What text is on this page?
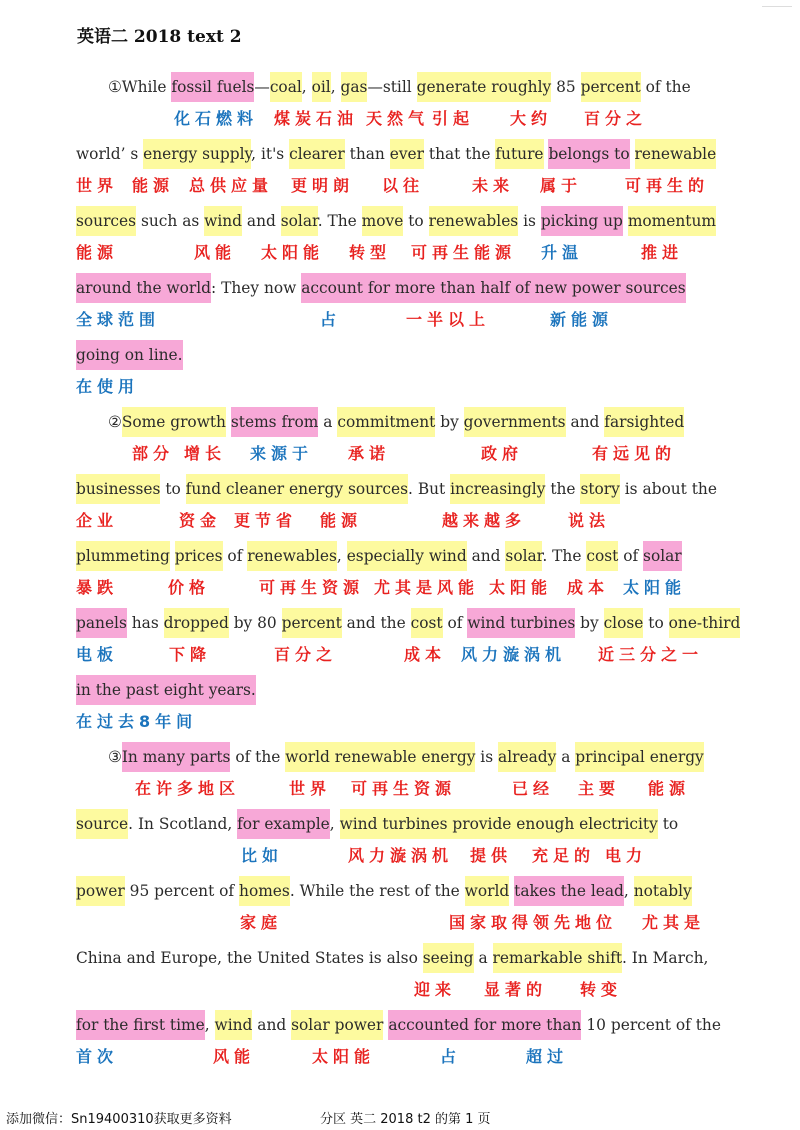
英语二 2018 text 2
①While fossil fuels—coal, oil, gas—still generate roughly 85 percent of the
化石燃料 煤炭 石油 天然气 引起 大约 百分之
world’ s energy supply, it's clearer than ever that the future belongs to renewable
世界 能源 总供应量 更明朗 以往	未来 属于	可再生的
sources such as wind and solar. The move to renewables is picking up momentum
能源	风能 太阳能 转型 可再生能源 升温	推进
around the world: They now account for more than half of new power sources
全球范围	占	一半以上	新能源
going on line.
在使用
②Some growth stems from a commitment by governments and farsighted
部分 增长 来源于 承诺	政府	有远见的
businesses to fund cleaner energy sources. But increasingly the story is about the
企业	资金 更节省 能源	越来越多	说法
plummeting prices of renewables, especially wind and solar. The cost of solar
暴跌	价格	可再生资源 尤其是风能 太阳能 成本 太阳能
panels has dropped by 80 percent and the cost of wind turbines by close to one-third
电板	下降	百分之	成本 风力漩涡机 近三分之一
in the past eight years.
在过去8年间
③In many parts of the world renewable energy is already a principal energy
在许多地区	世界 可再生资源	已经 主要 能源
source. In Scotland, for example, wind turbines provide enough electricity to
比如	风力漩涡机 提供 充足的 电力
power 95 percent of homes. While the rest of the world takes the lead, notably
家庭	国家取得领先地位 尤其是
China and Europe, the United States is also seeing a remarkable shift. In March,
迎来 显著的 转变
for the first time, wind and solar power accounted for more than 10 percent of the
首次	风能	太阳能	占	超过
添加微信：Sn19400310获取更多资料	分区 英二 2018 t2 的第 1 页
